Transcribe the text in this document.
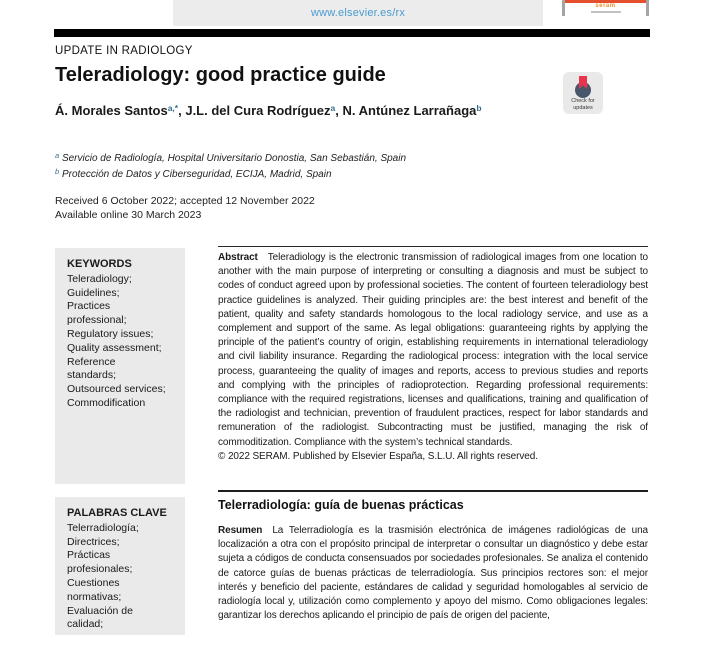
www.elsevier.es/rx
seram
UPDATE IN RADIOLOGY
Teleradiology: good practice guide
Check for
updates
Á. Morales Santos$^{a,*}$, J.L. del Cura Rodríguez$^a$, N. Antúnez Larrañaga$^b$
$^a$ Servicio de Radiología, Hospital Universitario Donostia, San Sebastián, Spain
$^b$ Protección de Datos y Ciberseguridad, ECIJA, Madrid, Spain
Received 6 October 2022; accepted 12 November 2022
Available online 30 March 2023
KEYWORDS
Teleradiology;
Guidelines;
Practices professional;
Regulatory issues;
Quality assessment;
Reference standards;
Outsourced services;
Commodification

Abstract Teleradiology is the electronic transmission of radiological images from one location to another with the main purpose of interpreting or consulting a diagnosis and must be subject to codes of conduct agreed upon by professional societies. The content of fourteen teleradiology best practice guidelines is analyzed. Their guiding principles are: the best interest and benefit of the patient, quality and safety standards homologous to the local radiology service, and use as a complement and support of the same. As legal obligations: guaranteeing rights by applying the principle of the patient’s country of origin, establishing requirements in international teleradiology and civil liability insurance. Regarding the radiological process: integration with the local service process, guaranteeing the quality of images and reports, access to previous studies and reports and complying with the principles of radioprotection. Regarding professional requirements: compliance with the required registrations, licenses and qualifications, training and qualification of the radiologist and technician, prevention of fraudulent practices, respect for labor standards and remuneration of the radiologist. Subcontracting must be justified, managing the risk of commoditization. Compliance with the system’s technical standards.

© 2022 SERAM. Published by Elsevier España, S.L.U. All rights reserved.
PALABRAS CLAVE
Telerradiología;
Directrices;
Prácticas profesionales;
Cuestiones normativas;
Evaluación de calidad;
Telerradiología: guía de buenas prácticas

Resumen La Telerradiología es la trasmisión electrónica de imágenes radiológicas de una localización a otra con el propósito principal de interpretar o consultar un diagnóstico y debe estar sujeta a códigos de conducta consensuados por sociedades profesionales. Se analiza el contenido de catorce guías de buenas prácticas de telerradiología. Sus principios rectores son: el mejor interés y beneficio del paciente, estándares de calidad y seguridad homologables al servicio de radiología local y, utilización como complemento y apoyo del mismo. Como obligaciones legales: garantizar los derechos aplicando el principio de país de origen del paciente,
